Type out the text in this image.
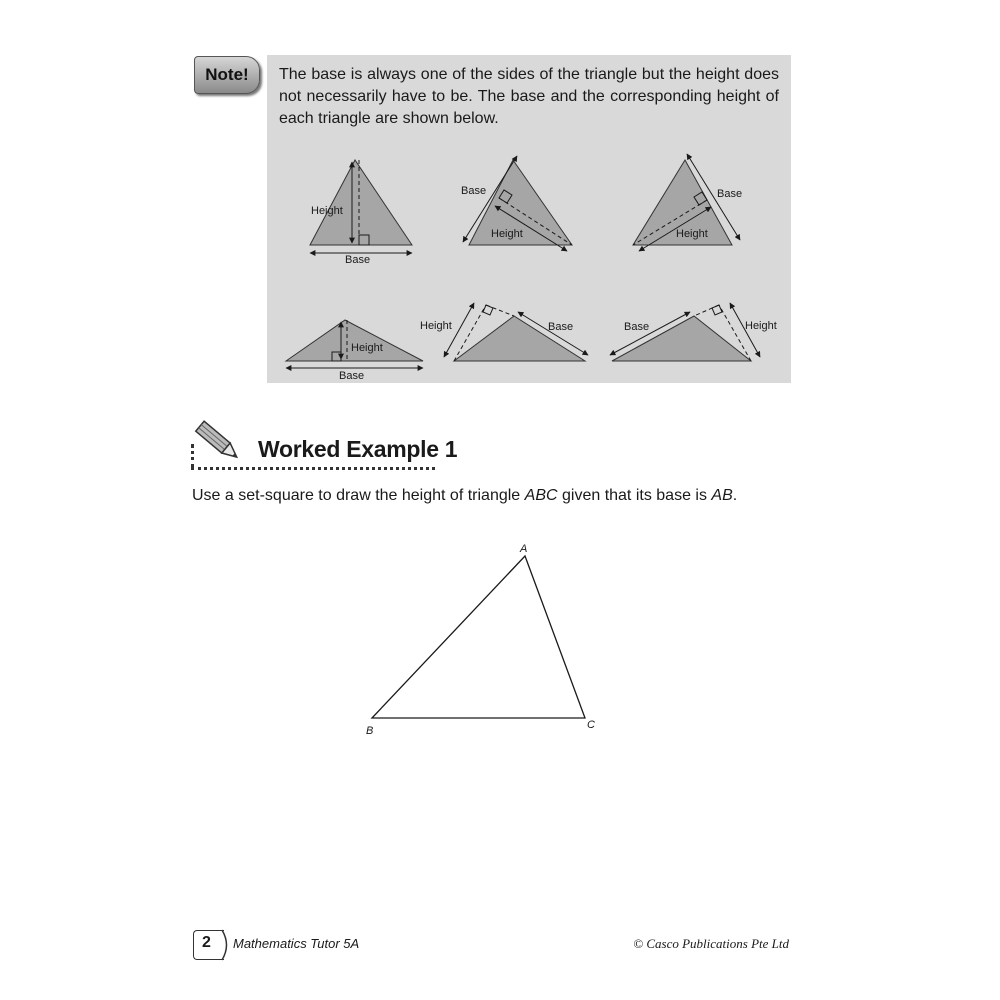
Note! The base is always one of the sides of the triangle but the height does not necessarily have to be. The base and the corresponding height of each triangle are shown below.
Height
Base
Base
Height
Base
Height
Height
Base
Height	Base	Base	Height
Worked Example 1
Use a set-square to draw the height of triangle ABC given that its base is AB.
A
B	C
2 Mathematics Tutor 5A	© Casco Publications Pte Ltd
